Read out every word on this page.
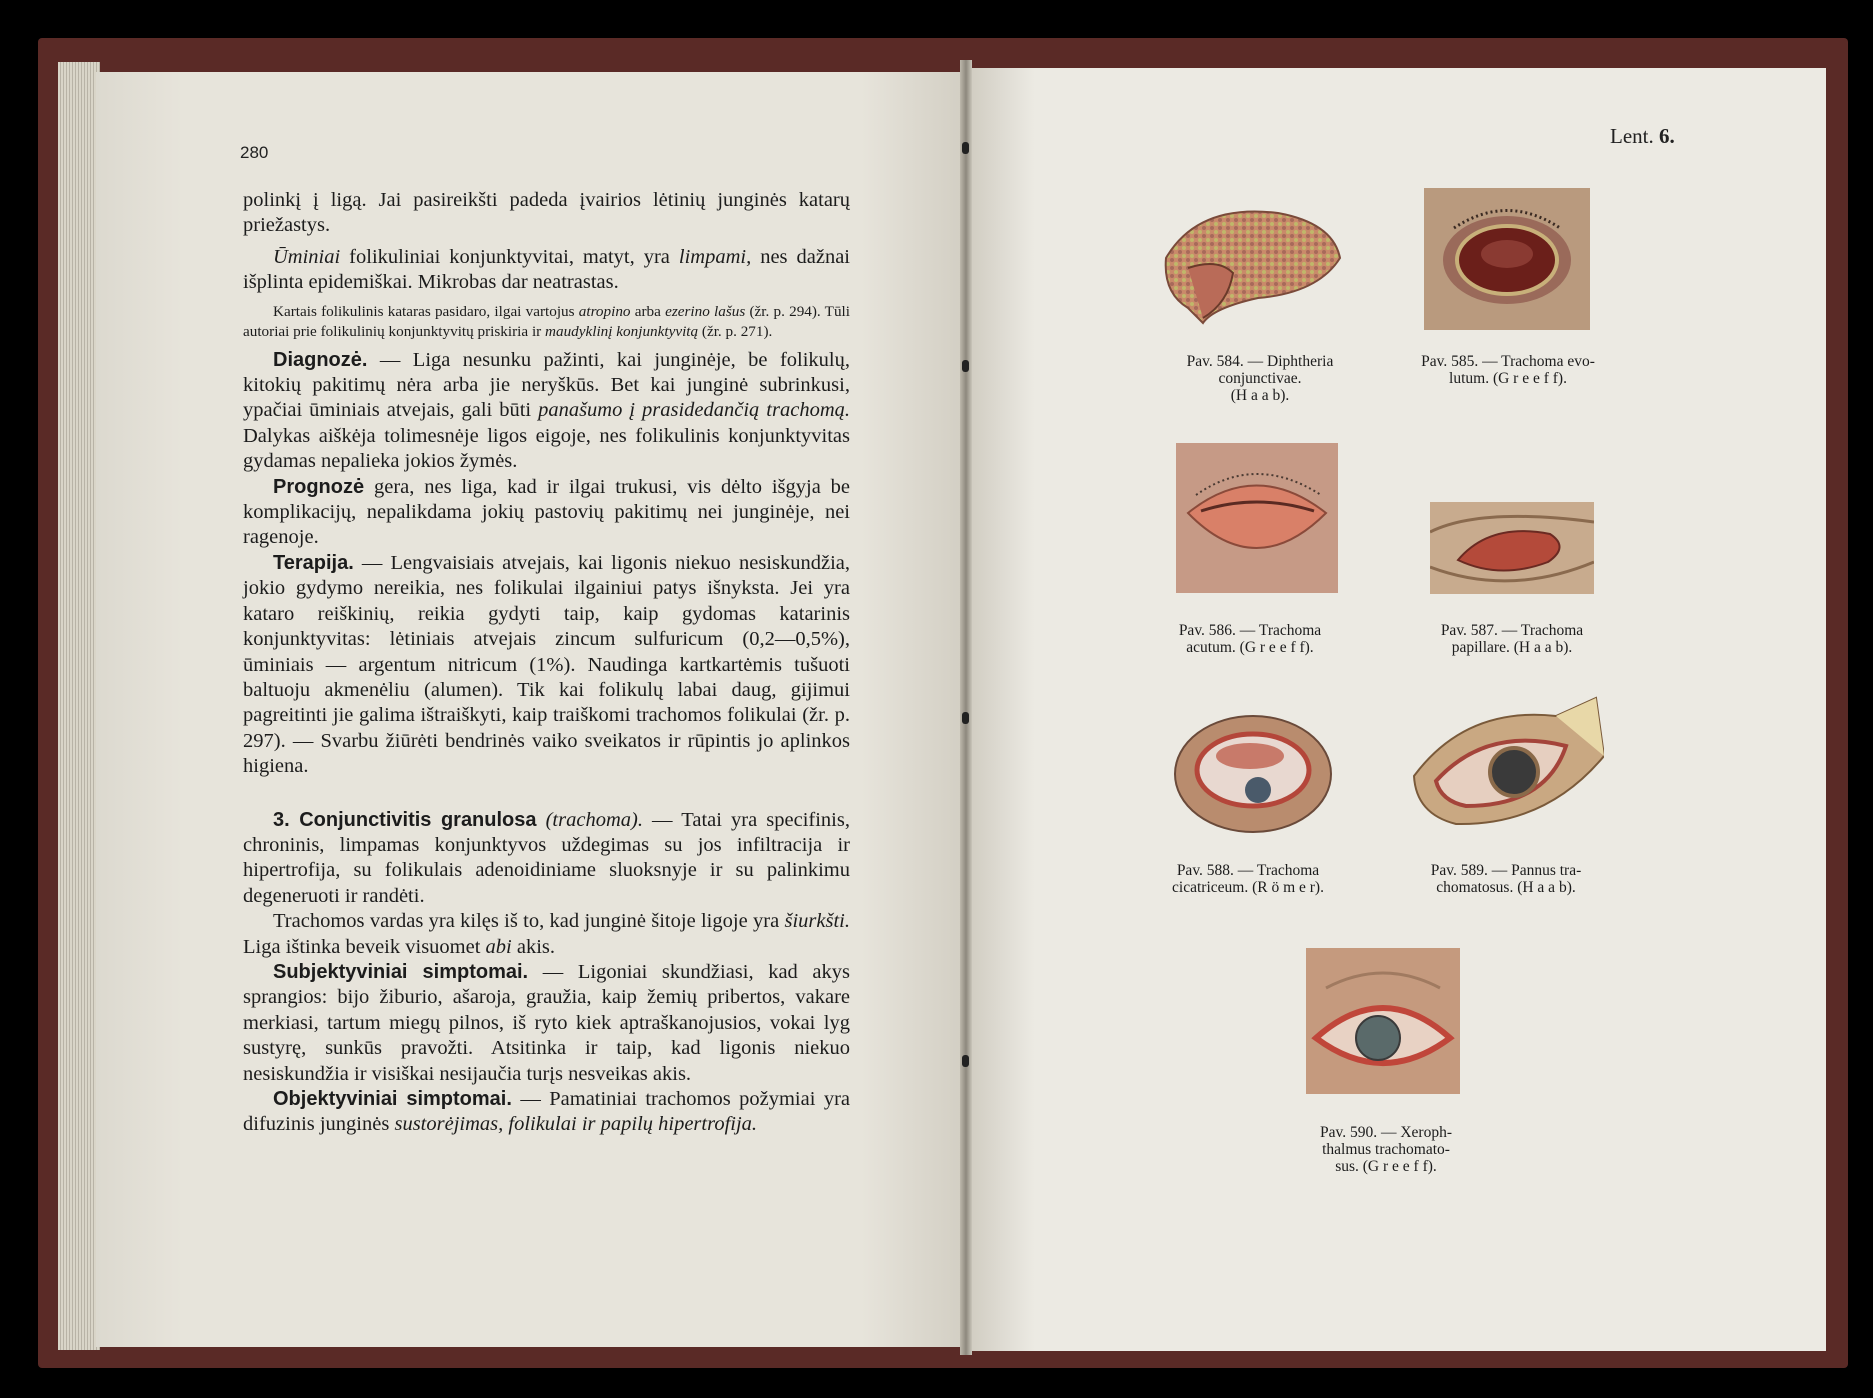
280

polinkį į ligą. Jai pasireikšti padeda įvairios lėtinių junginės katarų priežastys.

Ūminiai folikuliniai konjunktyvitai, matyt, yra limpami, nes dažnai išplinta epidemiškai. Mikrobas dar neatrastas.

Kartais folikulinis kataras pasidaro, ilgai vartojus atropino arba ezerino lašus (žr. p. 294). Tūli autoriai prie folikulinių konjunktyvitų priskiria ir maudyklinį konjunktyvitą (žr. p. 271).

Diagnozė. — Liga nesunku pažinti, kai junginėje, be folikulų, kitokių pakitimų nėra arba jie neryškūs. Bet kai junginė subrinkusi, ypačiai ūminiais atvejais, gali būti panašumo į prasidedančią trachomą. Dalykas aiškėja tolimesnėje ligos eigoje, nes folikulinis konjunktyvitas gydamas nepalieka jokios žymės.

Prognozė gera, nes liga, kad ir ilgai trukusi, vis dėlto išgyja be komplikacijų, nepalikdama jokių pastovių pakitimų nei junginėje, nei ragenoje.

Terapija. — Lengvaisiais atvejais, kai ligonis niekuo nesiskundžia, jokio gydymo nereikia, nes folikulai ilgainiui patys išnyksta. Jei yra kataro reiškinių, reikia gydyti taip, kaip gydomas katarinis konjunktyvitas: lėtiniais atvejais zincum sulfuricum (0,2—0,5%), ūminiais — argentum nitricum (1%). Naudinga kartkartėmis tušuoti baltuoju akmenėliu (alumen). Tik kai folikulų labai daug, gijimui pagreitinti jie galima ištraiškyti, kaip traiškomi trachomos folikulai (žr. p. 297). — Svarbu žiūrėti bendrinės vaiko sveikatos ir rūpintis jo aplinkos higiena.

3. Conjunctivitis granulosa (trachoma). — Tatai yra specifinis, chroninis, limpamas konjunktyvos uždegimas su jos infiltracija ir hipertrofija, su folikulais adenoidiniame sluoksnyje ir su palinkimu degeneruoti ir randėti.

Trachomos vardas yra kilęs iš to, kad junginė šitoje ligoje yra šiurkšti. Liga ištinka beveik visuomet abi akis.

Subjektyviniai simptomai. — Ligoniai skundžiasi, kad akys sprangios: bijo žiburio, ašaroja, graužia, kaip žemių pribertos, vakare merkiasi, tartum miegų pilnos, iš ryto kiek aptraškanojusios, vokai lyg sustyrę, sunkūs pravožti. Atsitinka ir taip, kad ligonis niekuo nesiskundžia ir visiškai nesijaučia turįs nesveikas akis.

Objektyviniai simptomai. — Pamatiniai trachomos požymiai yra difuzinis junginės sustorėjimas, folikulai ir papilų hipertrofija.

Lent. 6.
Pav. 584. — Diphtheria
conjunctivae.
(H a a b).
Pav. 585. — Trachoma evo-
lutum. (G r e e f f).
Pav. 586. — Trachoma
acutum. (G r e e f f).
Pav. 587. — Trachoma
papillare. (H a a b).
Pav. 588. — Trachoma
cicatriceum. (R ö m e r).
Pav. 589. — Pannus tra-
chomatosus. (H a a b).
Pav. 590. — Xeroph-
thalmus trachomato-
sus. (G r e e f f).
